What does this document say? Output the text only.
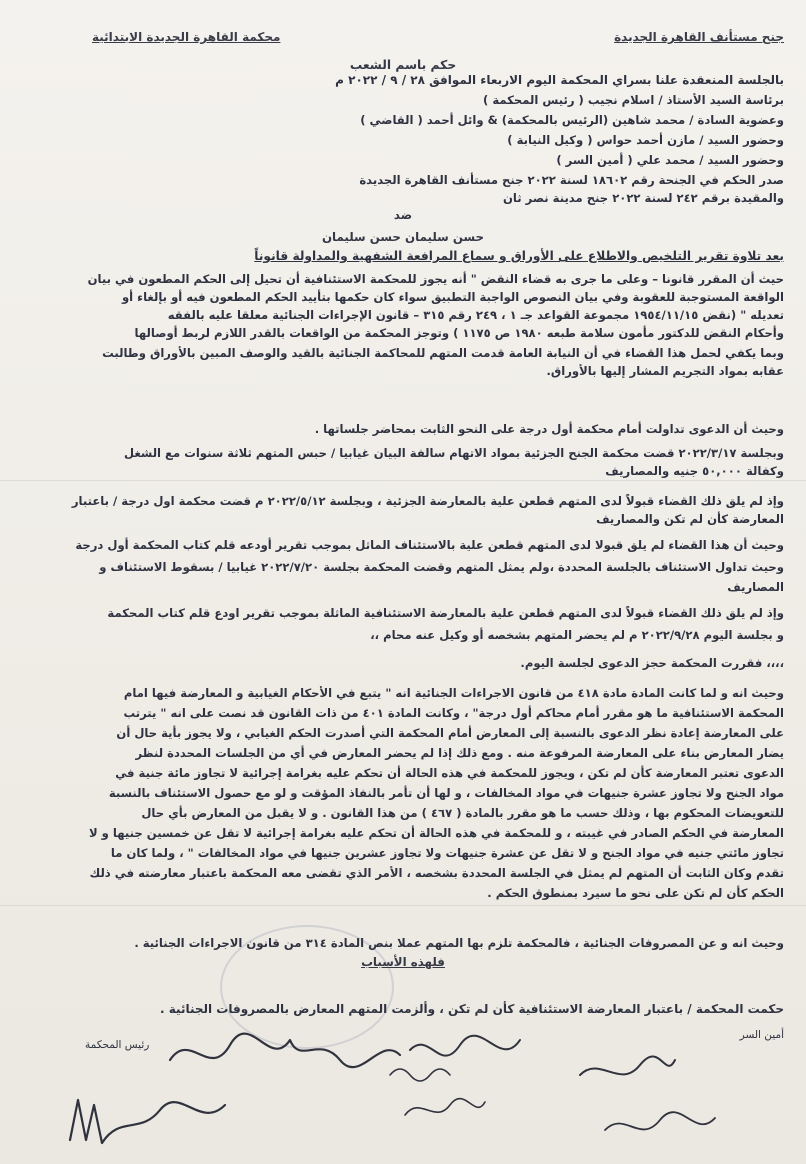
جنح مستأنف القاهرة الجديدة
محكمة القاهرة الجديدة الابتدائية
حكم باسم الشعب
بالجلسة المنعقدة علنا بسراي المحكمة اليوم الاربعاء الموافق ٢٨ / ٩ / ٢٠٢٢ م
برئاسة السيد الأستاذ / اسلام نجيب ( رئيس المحكمة )
وعضوية السادة / محمد شاهين (الرئيس بالمحكمة) & وائل أحمد ( القاضي )
وحضور السيد / مازن أحمد حواس ( وكيل النيابة )
وحضور السيد / محمد علي ( أمين السر )
صدر الحكم في الجنحة رقم ١٨٦٠٢ لسنة ٢٠٢٢ جنح مستأنف القاهرة الجديدة
والمقيدة برقم ٢٤٢ لسنة ٢٠٢٢ جنح مدينة نصر ثان
ضد
حسن سليمان حسن سليمان
بعد تلاوة تقرير التلخيص والاطلاع على الأوراق و سماع المرافعة الشفهية والمداولة قانوناً
حيث أن المقرر قانونا – وعلى ما جرى به قضاء النقض " أنه يجوز للمحكمة الاستئنافية أن تحيل إلى الحكم المطعون في بيان
الواقعة المستوجبة للعقوبة وفي بيان النصوص الواجبة التطبيق سواء كان حكمها بتأييد الحكم المطعون فيه أو بإلغاء أو
تعديله " (نقض ١٩٥٤/١١/١٥ مجموعة القواعد جـ ١ ، ٢٤٩ رقم ٣١٥ – قانون الإجراءات الجنائية معلقا عليه بالفقه
وأحكام النقض للدكتور مأمون سلامة طبعه ١٩٨٠ ص ١١٧٥ ) وتوجز المحكمة من الواقعات بالقدر اللازم لربط أوصالها
وبما يكفي لحمل هذا القضاء في أن النيابة العامة قدمت المتهم للمحاكمة الجنائية بالقيد والوصف المبين بالأوراق وطالبت
عقابه بمواد التجريم المشار إليها بالأوراق.
وحيث أن الدعوى تداولت أمام محكمة أول درجة على النحو الثابت بمحاضر جلساتها .
وبجلسة ٢٠٢٢/٣/١٧ قضت محكمة الجنح الجزئية بمواد الاتهام سالفة البيان غيابيا / حبس المتهم ثلاثة سنوات مع الشغل
وكفالة ٥٠,٠٠٠ جنيه والمصاريف
وإذ لم يلق ذلك القضاء قبولاً لدى المتهم قطعن علية بالمعارضة الجزئية ، وبجلسة ٢٠٢٢/٥/١٢ م قضت محكمة اول درجة / باعتبار
المعارضة كأن لم تكن والمصاريف
وحيث أن هذا القضاء لم يلق قبولا لدى المتهم قطعن علية بالاستئناف الماثل بموجب تقرير أودعه قلم كتاب المحكمة أول درجة
وحيث تداول الاستئناف بالجلسة المحددة ،ولم يمثل المتهم وقضت المحكمة بجلسة ٢٠٢٢/٧/٢٠ غيابيا / بسقوط الاستئناف و
المصاريف
وإذ لم يلق ذلك القضاء قبولاً لدى المتهم قطعن علية بالمعارضة الاستئنافية الماثلة بموجب تقرير اودع قلم كتاب المحكمة
و بجلسة اليوم ٢٠٢٢/٩/٢٨ م لم يحضر المتهم بشخصه أو وكيل عنه محام ،،
،،،، فقررت المحكمة حجز الدعوى لجلسة اليوم.
وحيث انه و لما كانت المادة مادة ٤١٨ من قانون الاجراءات الجنائية انه " يتبع في الأحكام الغيابية و المعارضة فيها امام
المحكمة الاستئنافية ما هو مقرر أمام محاكم أول درجة" ، وكانت المادة ٤٠١ من ذات القانون قد نصت على انه " يترتب
على المعارضة إعادة نظر الدعوى بالنسبة إلى المعارض أمام المحكمة التي أصدرت الحكم الغيابي ، ولا يجوز بأية حال أن
يضار المعارض بناء على المعارضة المرفوعة منه . ومع ذلك إذا لم يحضر المعارض في أي من الجلسات المحددة لنظر
الدعوى تعتبر المعارضة كأن لم تكن ، ويجوز للمحكمة في هذه الحالة أن تحكم عليه بغرامة إجرائية لا تجاوز مائة جنية في
مواد الجنح ولا تجاوز عشرة جنيهات في مواد المخالفات ، و لها أن تأمر بالنفاذ المؤقت و لو مع حصول الاستئناف بالنسبة
للتعويضات المحكوم بها ، وذلك حسب ما هو مقرر بالمادة ( ٤٦٧ ) من هذا القانون . و لا يقبل من المعارض بأي حال
المعارضة في الحكم الصادر في غيبته ، و للمحكمة في هذه الحالة أن تحكم عليه بغرامة إجرائية لا تقل عن خمسين جنيها و لا
تجاوز مائتي جنيه في مواد الجنح و لا تقل عن عشرة جنيهات ولا تجاوز عشرين جنيها في مواد المخالفات " ، ولما كان ما
تقدم وكان الثابت أن المتهم لم يمثل في الجلسة المحددة بشخصه ، الأمر الذي تقضى معه المحكمة باعتبار معارضته في ذلك
الحكم كأن لم تكن على نحو ما سيرد بمنطوق الحكم .
وحيث انه و عن المصروفات الجنائية ، فالمحكمة تلزم بها المتهم عملا بنص المادة ٣١٤ من قانون الاجراءات الجنائية .
فلهذه الأسباب
حكمت المحكمة / باعتبار المعارضة الاستئنافية كأن لم تكن ، وألزمت المتهم المعارض بالمصروفات الجنائية .
أمين السر
رئيس المحكمة
